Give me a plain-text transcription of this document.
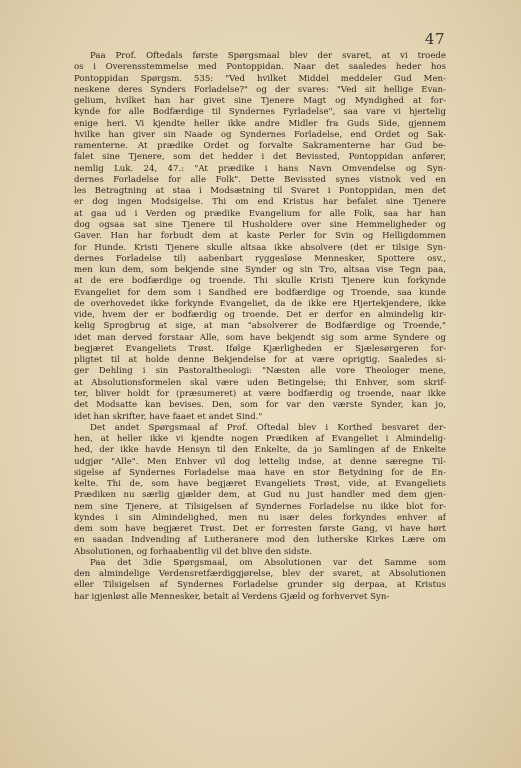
47
Paa Prof. Oftedals første Spørgsmaal blev der svaret, at vi troede
os i Overensstemmelse med Pontoppidan. Naar det saaledes heder hos
Pontoppidan Spørgsm. 535: "Ved hvilket Middel meddeler Gud Men-
neskene deres Synders Forladelse?" og der svares: "Ved sit hellige Evan-
gelium, hvilket han har givet sine Tjenere Magt og Myndighed at for-
kynde for alle Bodfærdige til Syndernes Fyrladelse", saa vare vi hjertelig
enige heri. Vi kjendte heller ikke andre Midler fra Guds Side, gjennem
hvilke han giver sin Naade og Syndernes Forladelse, end Ordet og Sak-
ramenterne. At prædike Ordet og forvalte Sakramenterne har Gud be-
falet sine Tjenere, som det hedder i det Bevissted, Pontoppidan anfører,
nemlig Luk. 24, 47.: "At prædike i hans Navn Omvendelse og Syn-
dernes Forladelse for alle Folk". Dette Bevissted synes vistnok ved en
les Betragtning at staa i Modsætning til Svaret i Pontoppidan, men det
er dog ingen Modsigelse. Thi om end Kristus har befalet sine Tjenere
at gaa ud i Verden og prædike Evangelium for alle Folk, saa har han
dog ogsaa sat sine Tjenere til Husholdere over sine Hemmeligheder og
Gaver. Han har forbudt dem at kaste Perler for Svin og Helligdommen
for Hunde. Kristi Tjenere skulle altsaa ikke absolvere (det er tilsige Syn-
dernes Forladelse til) aabenbart ryggesløse Mennesker, Spottere osv.,
men kun dem, som bekjende sine Synder og sin Tro, altsaa vise Tegn paa,
at de ere bodfærdige og troende. Thi skulle Kristi Tjenere kun forkynde
Evangeliet for dem som i Sandhed ere bodfærdige og Troende, saa kunde
de overhovedet ikke forkynde Evangeliet, da de ikke ere Hjertekjendere, ikke
vide, hvem der er bodfærdig og troende. Det er derfor en almindelig kir-
kelig Sprogbrug at sige, at man "absolverer de Bodfærdige og Troende,"
idet man derved forstaar Alle, som have bekjendt sig som arme Syndere og
begjæret Evangeliets Trøst. Ifølge Kjærligheden er Sjælesørgeren for-
pligtet til at holde denne Bekjendelse for at være oprigtig. Saaledes si-
ger Dehling i sin Pastoraltheologi: "Næsten alle vore Theologer mene,
at Absolutionsformelen skal være uden Betingelse; thi Enhver, som skrif-
ter, bliver holdt for (præsumeret) at være bodfærdig og troende, naar ikke
det Modsatte kan bevises. Den, som for var den værste Synder, kan jo,
idet han skrifter, have faaet et andet Sind."
Det andet Spørgsmaal af Prof. Oftedal blev i Korthed besvaret der-
hen, at heller ikke vi kjendte nogen Prædiken af Evangeliet i Almindelig-
hed, der ikke havde Hensyn til den Enkelte, da jo Samlingen af de Enkelte
udgjør "Alle". Men Enhver vil dog lettelig indse, at denne særegne Til-
sigelse af Syndernes Forladelse maa have en stor Betydning for de En-
kelte. Thi de, som have begjæret Evangeliets Trøst, vide, at Evangeliets
Prædiken nu særlig gjælder dem, at Gud nu just handler med dem gjen-
nem sine Tjenere, at Tilsigelsen af Syndernes Forladelse nu ikke blot for-
kyndes i sin Almindelighed, men nu især deles forkyndes enhver af
dem som have begjæret Trøst. Det er forresten første Gang, vi have hørt
en saadan Indvending af Lutheranere mod den lutherske Kirkes Lære om
Absolutionen, og forhaabentlig vil det blive den sidste.
Paa det 3die Spørgsmaal, om Absolutionen var det Samme som
den almindelige Verdensretfærdiggjørelse, blev der svaret, at Absolutionen
eller Tilsigelsen af Syndernes Forladelse grunder sig derpaa, at Kristus
har igjenløst alle Mennesker, betalt al Verdens Gjæld og forhvervet Syn-
